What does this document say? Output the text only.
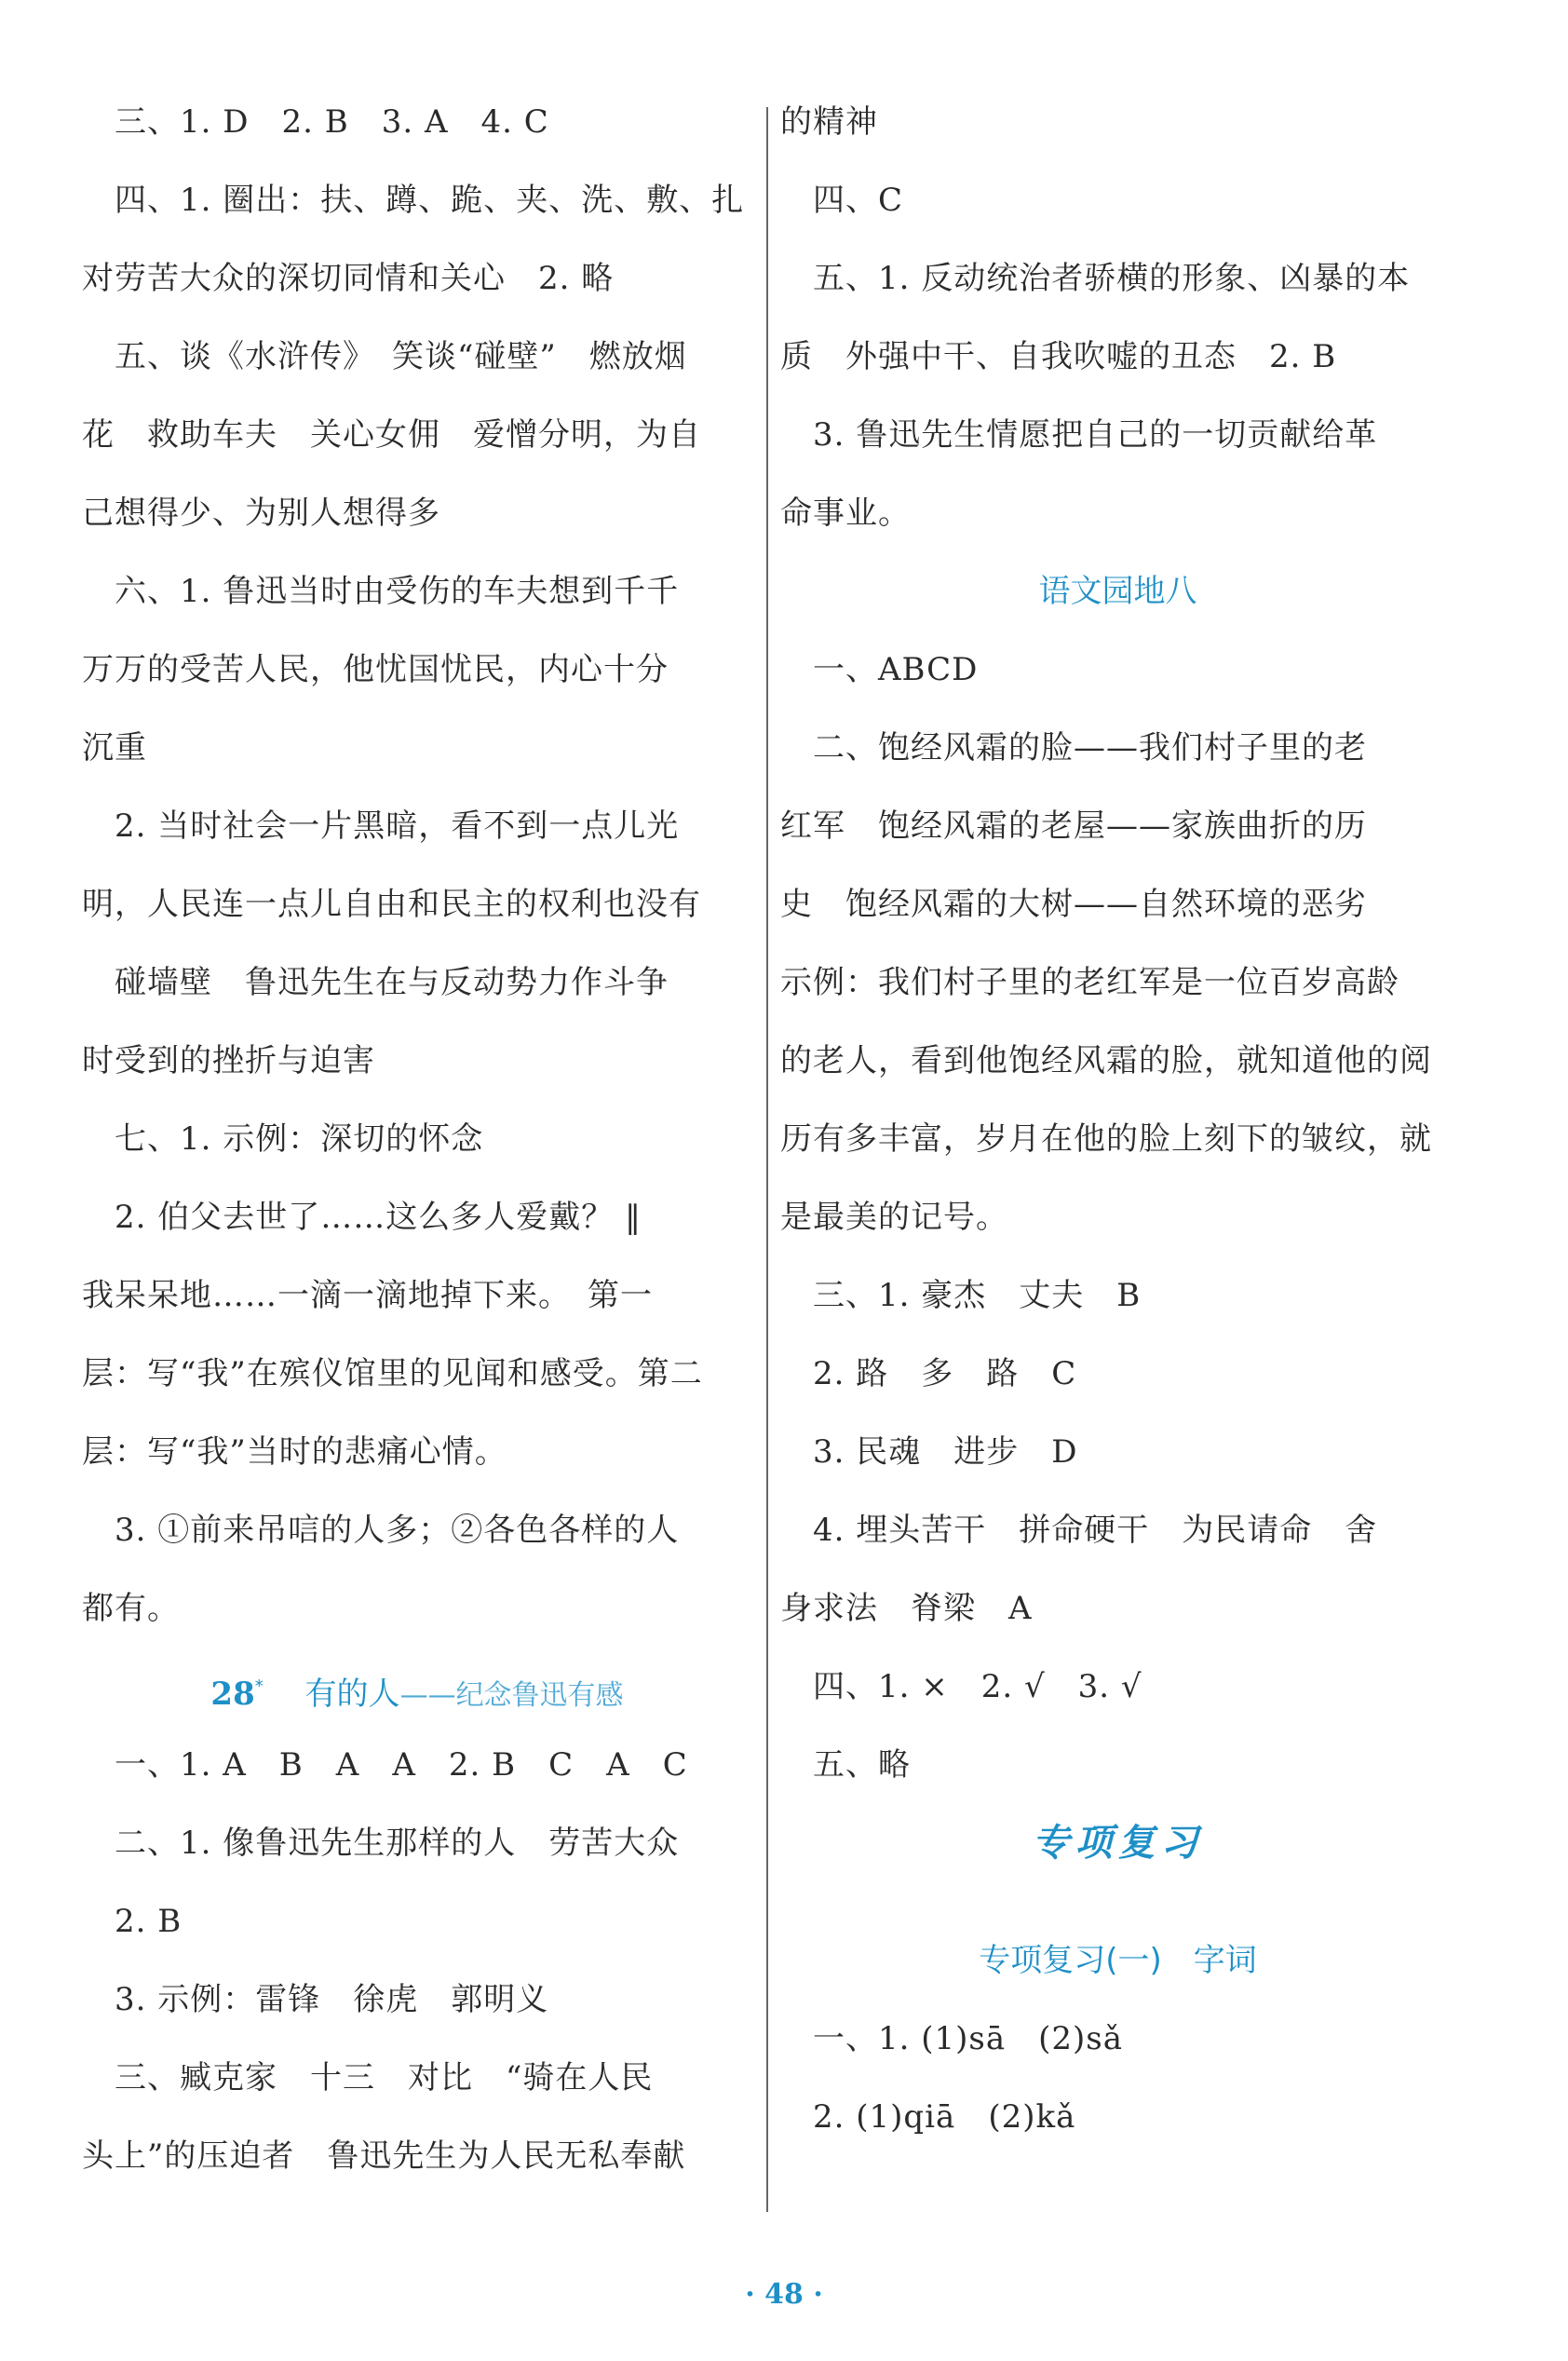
　三、1. D　2. B　3. A　4. C
　四、1. 圈出：扶、蹲、跪、夹、洗、敷、扎
对劳苦大众的深切同情和关心　2. 略
　五、谈《水浒传》　笑谈“碰壁”　燃放烟
花　救助车夫　关心女佣　爱憎分明，为自
己想得少、为别人想得多
　六、1. 鲁迅当时由受伤的车夫想到千千
万万的受苦人民，他忧国忧民，内心十分
沉重
　2. 当时社会一片黑暗，看不到一点儿光
明，人民连一点儿自由和民主的权利也没有
　碰墙壁　鲁迅先生在与反动势力作斗争
时受到的挫折与迫害
　七、1. 示例：深切的怀念
　2. 伯父去世了……这么多人爱戴？ ‖
我呆呆地……一滴一滴地掉下来。　第一
层：写“我”在殡仪馆里的见闻和感受。第二
层：写“我”当时的悲痛心情。
　3. ①前来吊唁的人多；②各色各样的人
都有。
28*　 有的人——纪念鲁迅有感
　一、1. A　B　A　A　2. B　C　A　C
　二、1. 像鲁迅先生那样的人　劳苦大众
　2. B
　3. 示例：雷锋　徐虎　郭明义
　三、臧克家　十三　对比　“骑在人民
头上”的压迫者　鲁迅先生为人民无私奉献
的精神
　四、C
　五、1. 反动统治者骄横的形象、凶暴的本
质　外强中干、自我吹嘘的丑态　2. B
　3. 鲁迅先生情愿把自己的一切贡献给革
命事业。
语文园地八
　一、ABCD
　二、饱经风霜的脸——我们村子里的老
红军　饱经风霜的老屋——家族曲折的历
史　饱经风霜的大树——自然环境的恶劣
示例：我们村子里的老红军是一位百岁高龄
的老人，看到他饱经风霜的脸，就知道他的阅
历有多丰富，岁月在他的脸上刻下的皱纹，就
是最美的记号。
　三、1. 豪杰　丈夫　B
　2. 路　多　路　C
　3. 民魂　进步　D
　4. 埋头苦干　拼命硬干　为民请命　舍
身求法　脊梁　A
　四、1. ×　2. √　3. √
　五、略
专项复习
专项复习(一)　字词
　一、1. (1)sā　(2)sǎ
　2. (1)qiā　(2)kǎ
· 48 ·
